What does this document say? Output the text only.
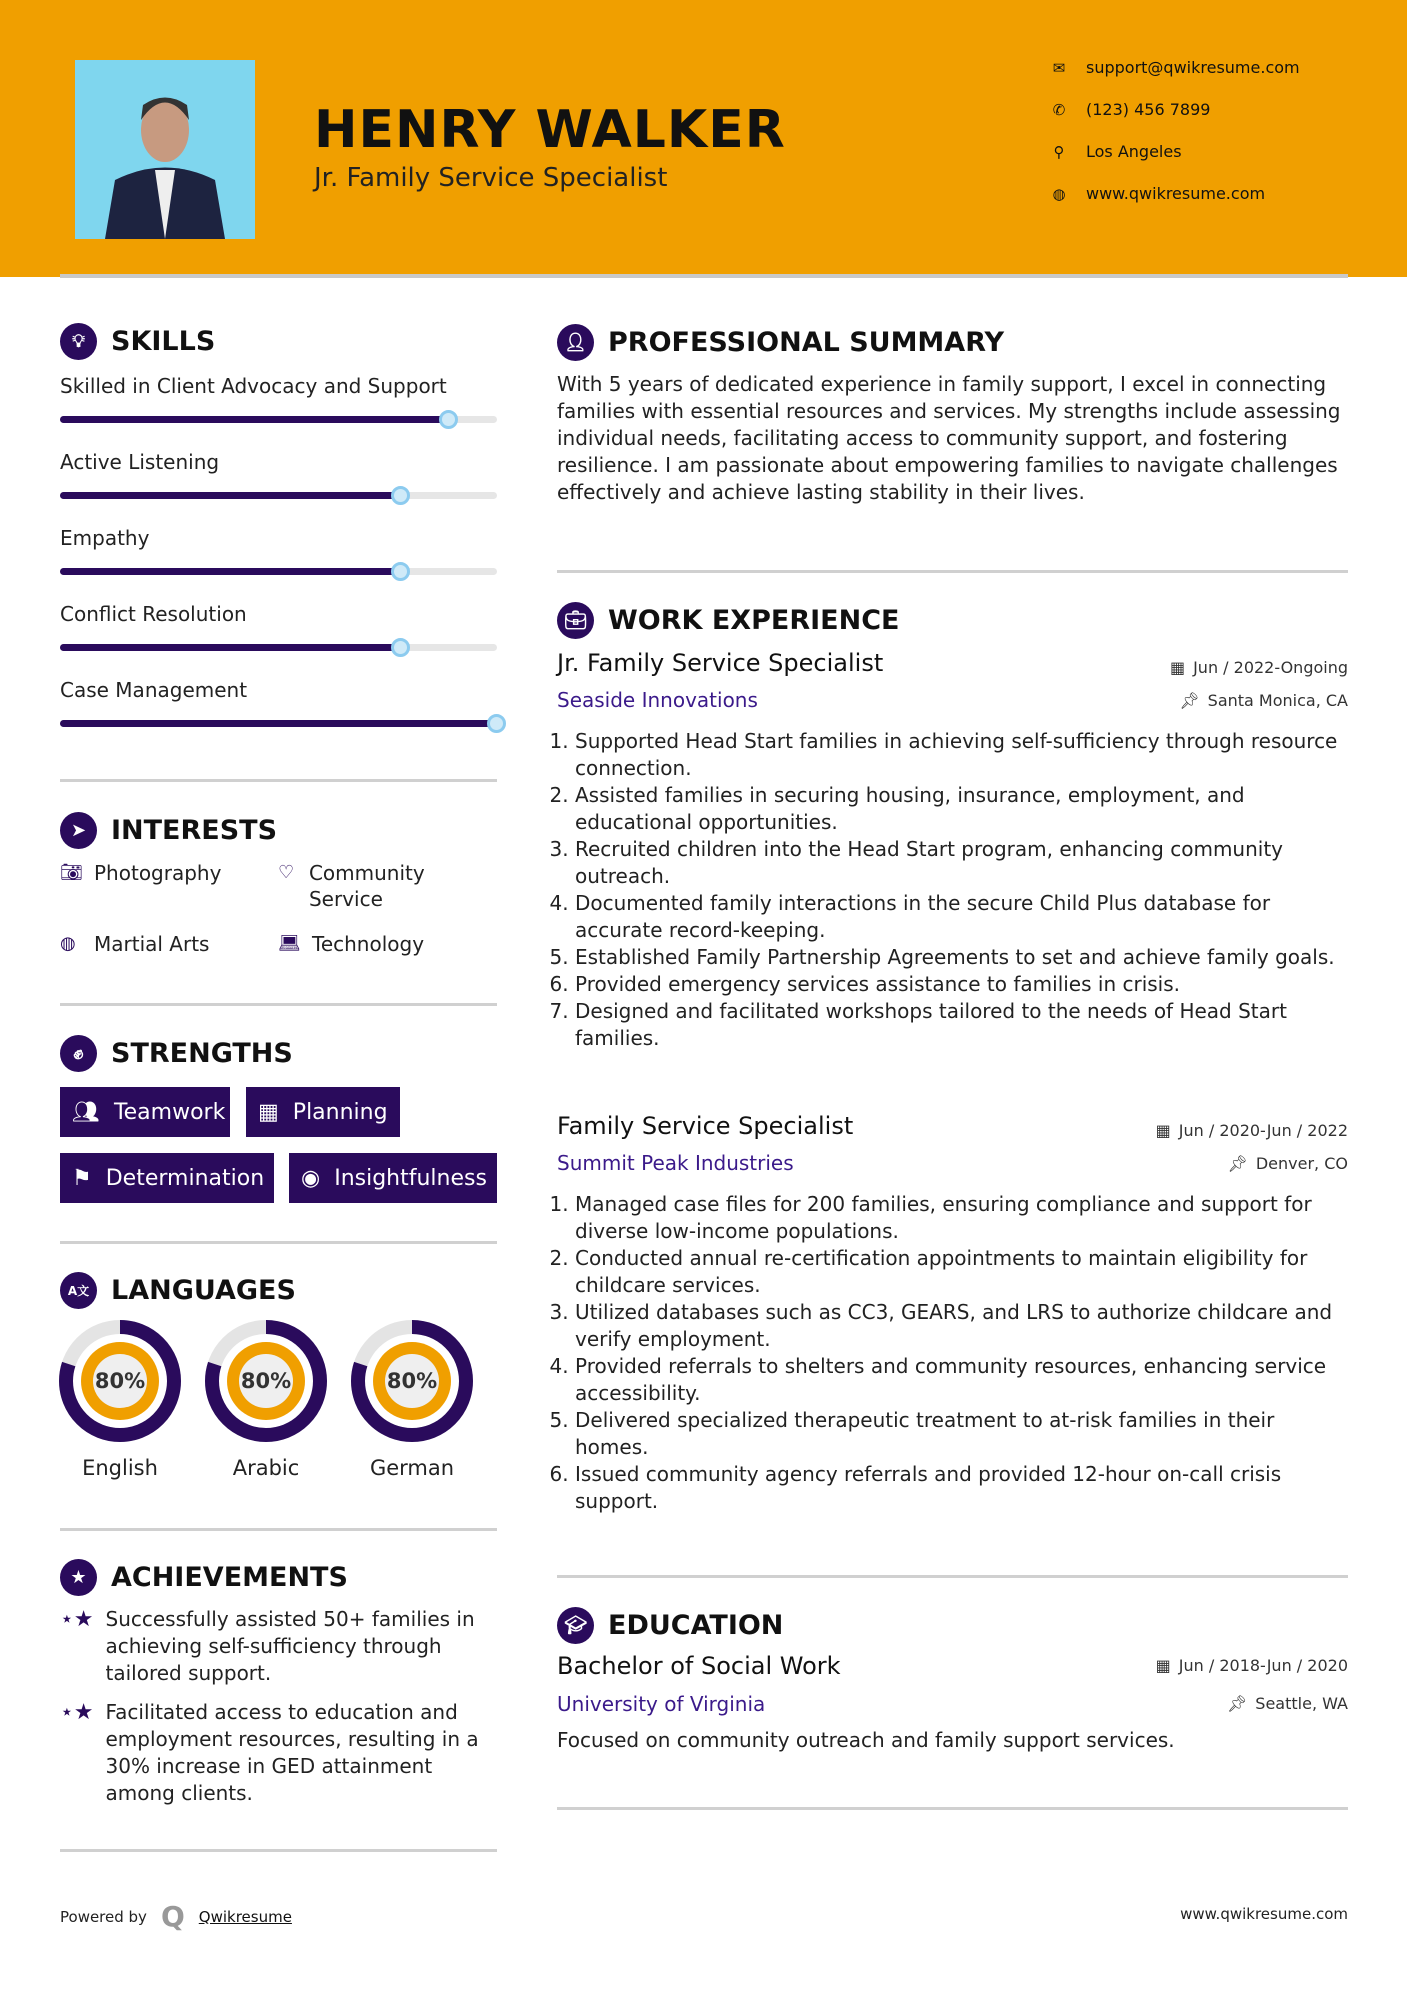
HENRY WALKER
Jr. Family Service Specialist
✉ support@qwikresume.com
✆ (123) 456 7899
⚲ Los Angeles
◍ www.qwikresume.com
💡︎ SKILLS
Skilled in Client Advocacy and Support
Active Listening
Empathy
Conflict Resolution
Case Management
➤ INTERESTS
📷︎ Photography	♡ Community Service
◍ Martial Arts	💻︎ Technology
✊︎	STRENGTHS
👥︎ Teamwork ▦ Planning
⚑ Determination ◉ Insightfulness
A文 LANGUAGES
80%
English
80%
Arabic
80%
German
★ ACHIEVEMENTS
⋆★ Successfully assisted 50+ families in achieving self-sufficiency through tailored support.
⋆★ Facilitated access to education and employment resources, resulting in a 30% increase in GED attainment among clients.
👤︎ PROFESSIONAL SUMMARY
With 5 years of dedicated experience in family support, I excel in connecting families with essential resources and services. My strengths include assessing individual needs, facilitating access to community support, and fostering resilience. I am passionate about empowering families to navigate challenges effectively and achieve lasting stability in their lives.
💼︎ WORK EXPERIENCE
Jr. Family Service Specialist	▦ Jun / 2022-Ongoing
Seaside Innovations	📌︎ Santa Monica, CA
1. Supported Head Start families in achieving self-sufficiency through resource connection.
2. Assisted families in securing housing, insurance, employment, and educational opportunities.
3. Recruited children into the Head Start program, enhancing community outreach.
4. Documented family interactions in the secure Child Plus database for accurate record-keeping.
5. Established Family Partnership Agreements to set and achieve family goals.
6. Provided emergency services assistance to families in crisis.
7. Designed and facilitated workshops tailored to the needs of Head Start families.
Family Service Specialist	▦ Jun / 2020-Jun / 2022
Summit Peak Industries	📌︎ Denver, CO
1. Managed case files for 200 families, ensuring compliance and support for diverse low-income populations.
2. Conducted annual re-certification appointments to maintain eligibility for childcare services.
3. Utilized databases such as CC3, GEARS, and LRS to authorize childcare and verify employment.
4. Provided referrals to shelters and community resources, enhancing service accessibility.
5. Delivered specialized therapeutic treatment to at-risk families in their homes.
6. Issued community agency referrals and provided 12-hour on-call crisis support.
🎓︎ EDUCATION
Bachelor of Social Work	▦ Jun / 2018-Jun / 2020
University of Virginia	📌︎ Seattle, WA
Focused on community outreach and family support services.
Powered by Q Qwikresume	www.qwikresume.com
